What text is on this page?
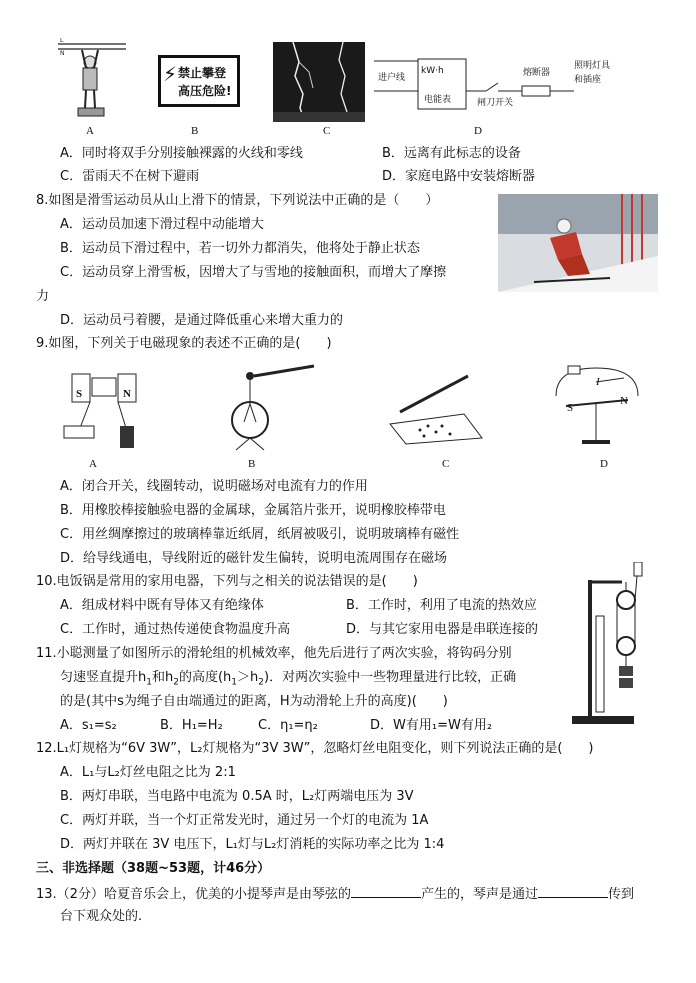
L
N
A
⚡ 禁止攀登
高压危险!
B	C
进户线
kW·h
电能表	闸刀开关
熔断器
照明灯具
和插座
D
A．同时将双手分别接触裸露的火线和零线	B．远离有此标志的设备
C．雷雨天不在树下避雨	D．家庭电路中安装熔断器
8.如图是滑雪运动员从山上滑下的情景，下列说法中正确的是（　　）
A．运动员加速下滑过程中动能增大
B．运动员下滑过程中，若一切外力都消失，他将处于静止状态
C．运动员穿上滑雪板，因增大了与雪地的接触面积，而增大了摩擦
力
D．运动员弓着腰，是通过降低重心来增大重力的
9.如图，下列关于电磁现象的表述不正确的是(　　)
S	N
A	B	C
S
N
I
D
A．闭合开关，线圈转动，说明磁场对电流有力的作用
B．用橡胶棒接触验电器的金属球，金属箔片张开，说明橡胶棒带电
C．用丝绸摩擦过的玻璃棒靠近纸屑，纸屑被吸引，说明玻璃棒有磁性
D．给导线通电，导线附近的磁针发生偏转，说明电流周围存在磁场
10.电饭锅是常用的家用电器，下列与之相关的说法错误的是(　　)
A．组成材料中既有导体又有绝缘体	B．工作时，利用了电流的热效应
C．工作时，通过热传递使食物温度升高	D．与其它家用电器是串联连接的
11.小聪测量了如图所示的滑轮组的机械效率，他先后进行了两次实验，将钩码分别
匀速竖直提升$h_1$和$h_2$的高度$(h_1>h_2)$．对两次实验中一些物理量进行比较，正确
的是(其中s为绳子自由端通过的距离，H为动滑轮上升的高度)(　　)
A．s₁=s₂	B．H₁=H₂	C．η₁=η₂	D．W有用₁=W有用₂
12.L₁灯规格为“6V 3W”，L₂灯规格为“3V 3W”，忽略灯丝电阻变化，则下列说法正确的是(　　)
A．L₁与L₂灯丝电阻之比为 2:1
B．两灯串联，当电路中电流为 0.5A 时，L₂灯两端电压为 3V
C．两灯并联，当一个灯正常发光时，通过另一个灯的电流为 1A
D．两灯并联在 3V 电压下，L₁灯与L₂灯消耗的实际功率之比为 1:4
三、非选择题（38题~53题，计46分）
13.（2分）哈夏音乐会上，优美的小提琴声是由琴弦的	产生的，琴声是通过	传到
台下观众处的.
